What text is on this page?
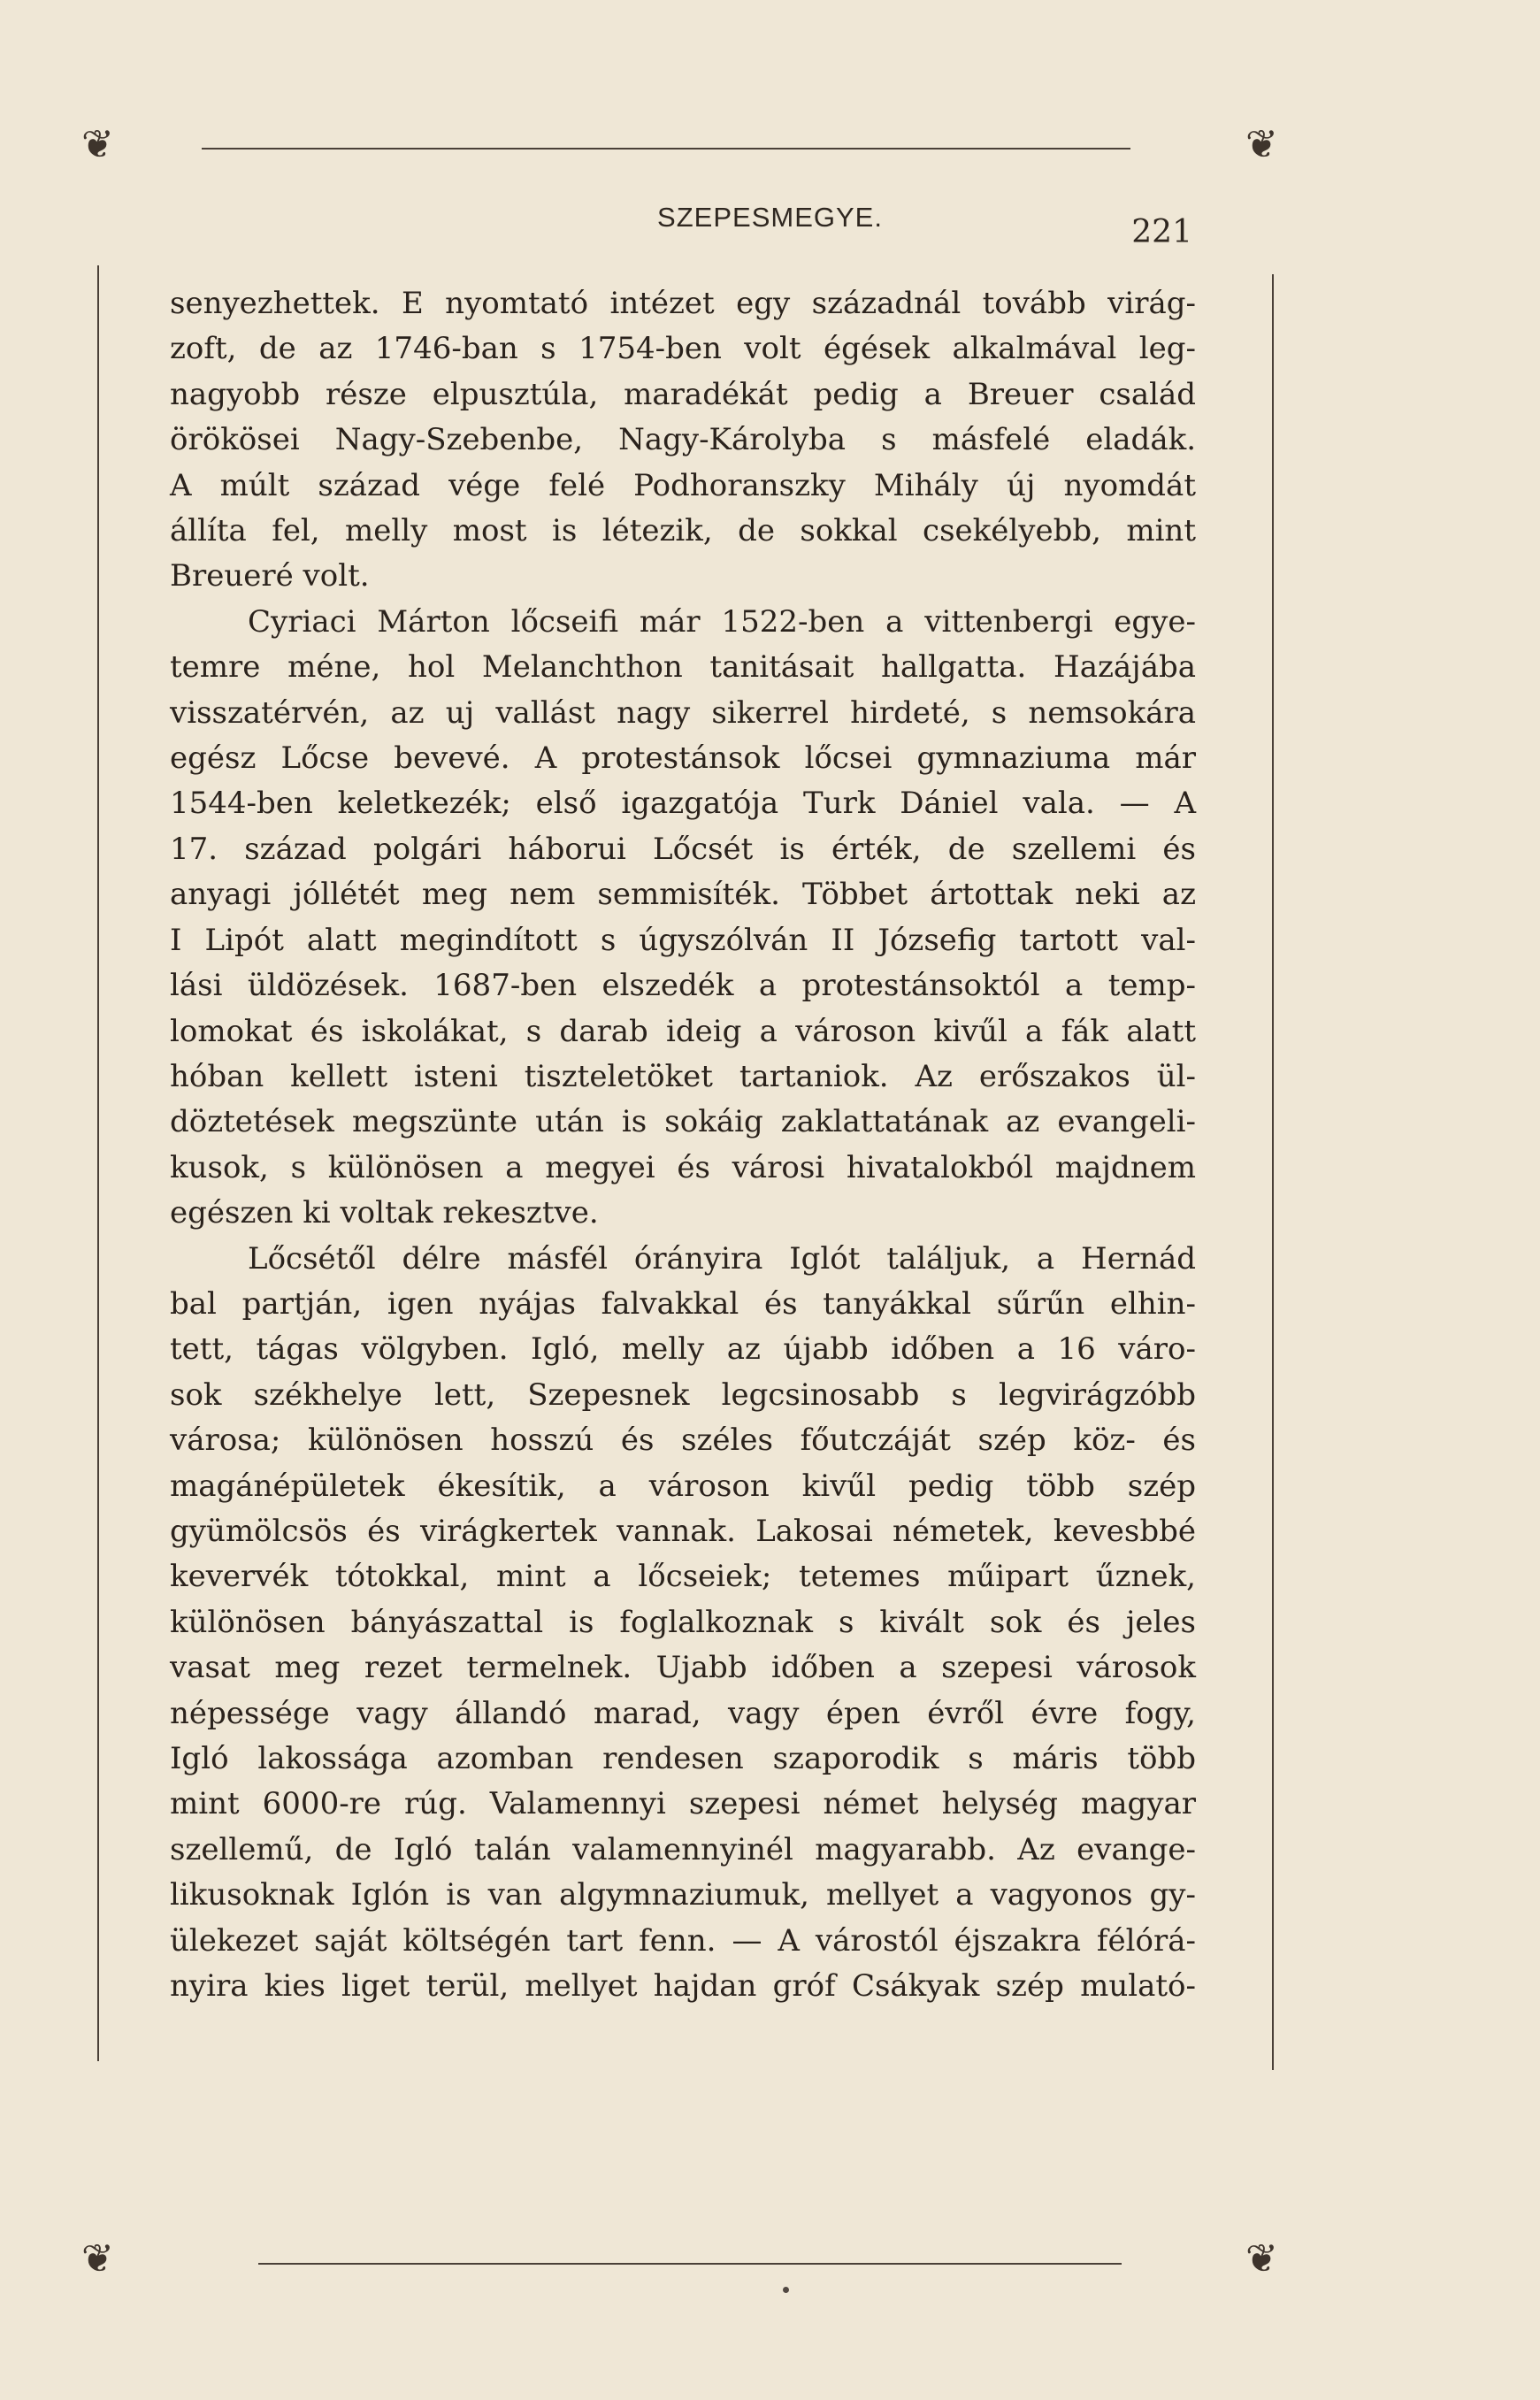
❦	❦
❦	❦
SZEPESMEGYE.	221
senyezhettek. E nyomtató intézet egy századnál tovább virág-
zoft, de az 1746-ban s 1754-ben volt égések alkalmával leg-
nagyobb része elpusztúla, maradékát pedig a Breuer család
örökösei Nagy-Szebenbe, Nagy-Károlyba s másfelé eladák.
A múlt század vége felé Podhoranszky Mihály új nyomdát
állíta fel, melly most is létezik, de sokkal csekélyebb, mint
Breueré volt.
Cyriaci Márton lőcseifi már 1522-ben a vittenbergi egye-
temre méne, hol Melanchthon tanitásait hallgatta. Hazájába
visszatérvén, az uj vallást nagy sikerrel hirdeté, s nemsokára
egész Lőcse bevevé. A protestánsok lőcsei gymnaziuma már
1544-ben keletkezék; első igazgatója Turk Dániel vala. — A
17. század polgári háborui Lőcsét is érték, de szellemi és
anyagi jóllétét meg nem semmisíték. Többet ártottak neki az
I Lipót alatt megindított s úgyszólván II Józsefig tartott val-
lási üldözések. 1687-ben elszedék a protestánsoktól a temp-
lomokat és iskolákat, s darab ideig a városon kivűl a fák alatt
hóban kellett isteni tiszteletöket tartaniok. Az erőszakos ül-
döztetések megszünte után is sokáig zaklattatának az evangeli-
kusok, s különösen a megyei és városi hivatalokból majdnem
egészen ki voltak rekesztve.
Lőcsétől délre másfél órányira Iglót találjuk, a Hernád
bal partján, igen nyájas falvakkal és tanyákkal sűrűn elhin-
tett, tágas völgyben. Igló, melly az újabb időben a 16 váro-
sok székhelye lett, Szepesnek legcsinosabb s legvirágzóbb
városa; különösen hosszú és széles főutczáját szép köz- és
magánépületek ékesítik, a városon kivűl pedig több szép
gyümölcsös és virágkertek vannak. Lakosai németek, kevesbbé
kevervék tótokkal, mint a lőcseiek; tetemes műipart űznek,
különösen bányászattal is foglalkoznak s kivált sok és jeles
vasat meg rezet termelnek. Ujabb időben a szepesi városok
népessége vagy állandó marad, vagy épen évről évre fogy,
Igló lakossága azomban rendesen szaporodik s máris több
mint 6000-re rúg. Valamennyi szepesi német helység magyar
szellemű, de Igló talán valamennyinél magyarabb. Az evange-
likusoknak Iglón is van algymnaziumuk, mellyet a vagyonos gy-
ülekezet saját költségén tart fenn. — A várostól éjszakra félórá-
nyira kies liget terül, mellyet hajdan gróf Csákyak szép mulató-
